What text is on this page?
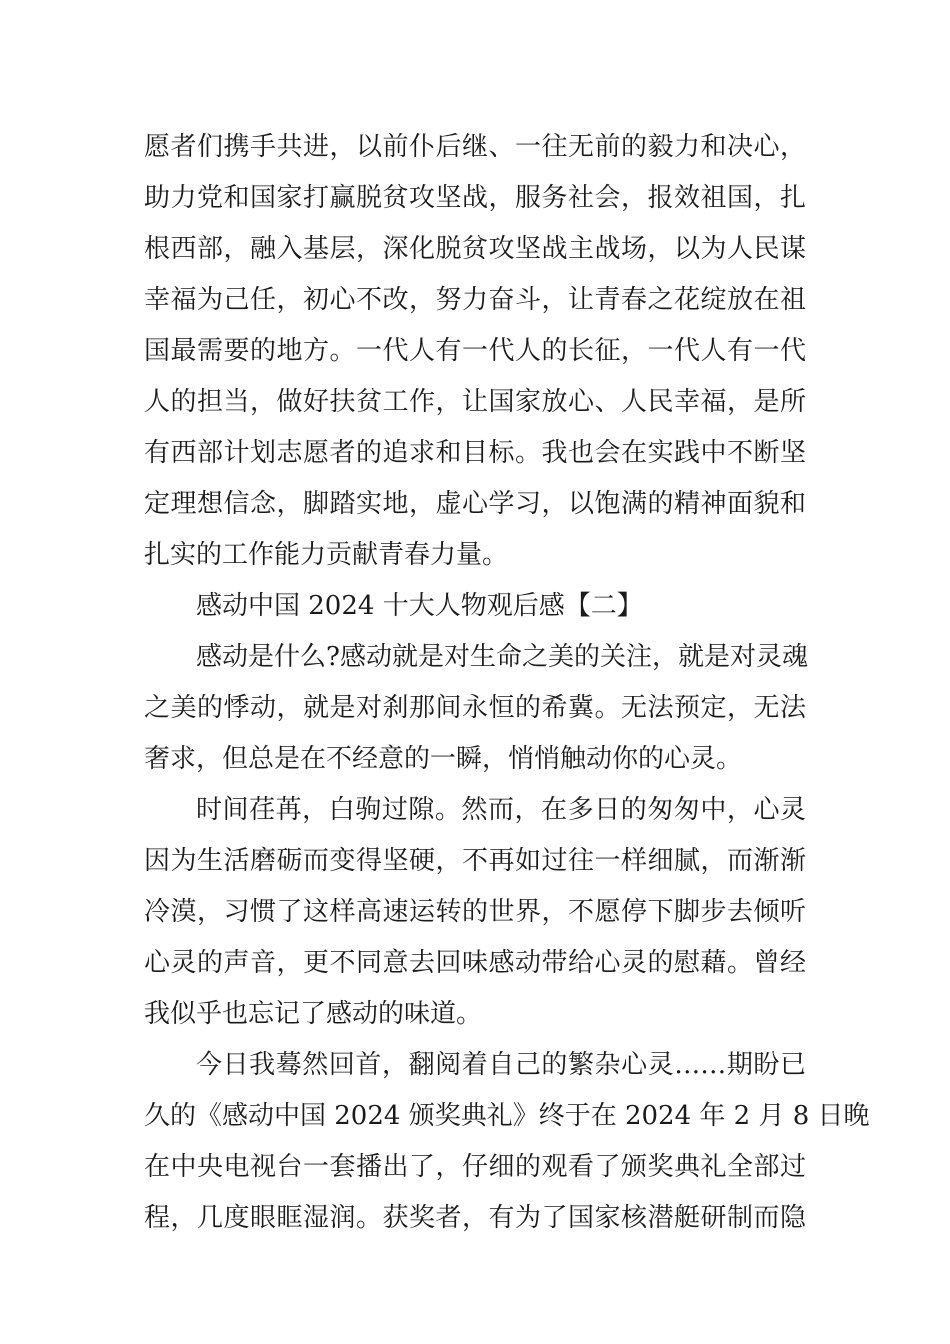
愿者们携手共进，以前仆后继、一往无前的毅力和决心，
助力党和国家打赢脱贫攻坚战，服务社会，报效祖国，扎
根西部，融入基层，深化脱贫攻坚战主战场，以为人民谋
幸福为己任，初心不改，努力奋斗，让青春之花绽放在祖
国最需要的地方。一代人有一代人的长征，一代人有一代
人的担当，做好扶贫工作，让国家放心、人民幸福，是所
有西部计划志愿者的追求和目标。我也会在实践中不断坚
定理想信念，脚踏实地，虚心学习，以饱满的精神面貌和
扎实的工作能力贡献青春力量。
感动中国 2024 十大人物观后感【二】
感动是什么?感动就是对生命之美的关注，就是对灵魂
之美的悸动，就是对刹那间永恒的希冀。无法预定，无法
奢求，但总是在不经意的一瞬，悄悄触动你的心灵。
时间荏苒，白驹过隙。然而，在多日的匆匆中，心灵
因为生活磨砺而变得坚硬，不再如过往一样细腻，而渐渐
冷漠，习惯了这样高速运转的世界，不愿停下脚步去倾听
心灵的声音，更不同意去回味感动带给心灵的慰藉。曾经
我似乎也忘记了感动的味道。
今日我蓦然回首，翻阅着自己的繁杂心灵……期盼已
久的《感动中国 2024 颁奖典礼》终于在 2024 年 2 月 8 日晚
在中央电视台一套播出了，仔细的观看了颁奖典礼全部过
程，几度眼眶湿润。获奖者，有为了国家核潜艇研制而隐
